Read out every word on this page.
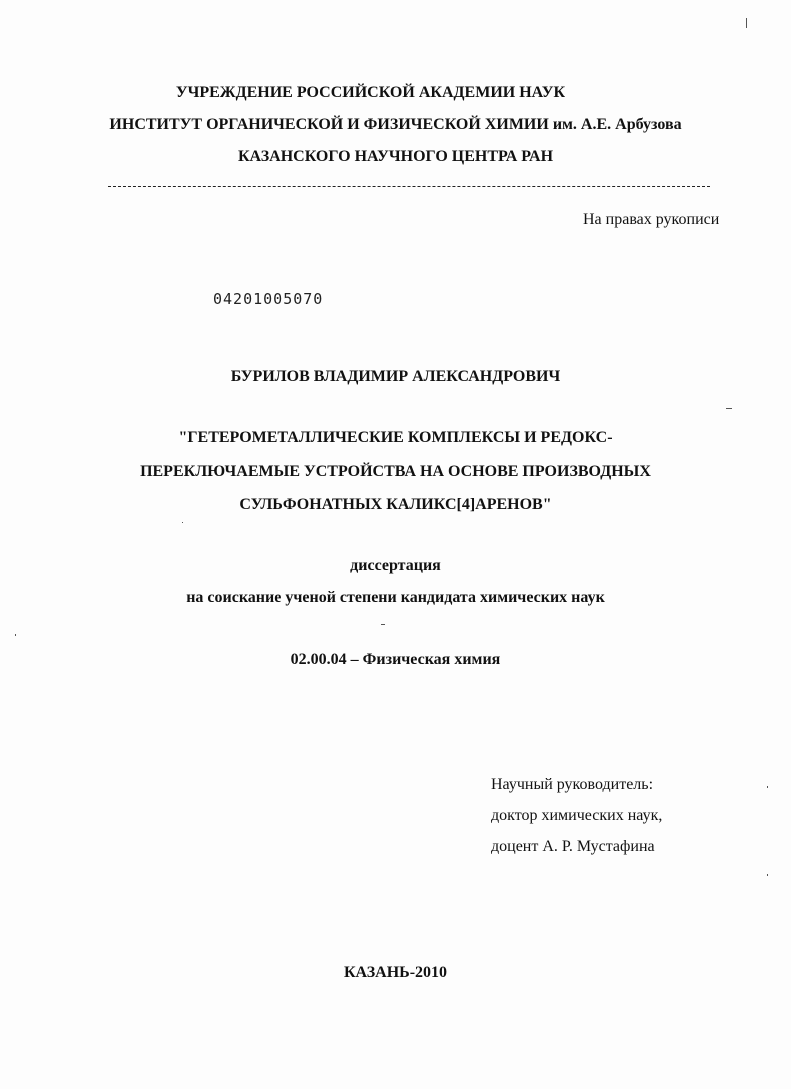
УЧРЕЖДЕНИЕ РОССИЙСКОЙ АКАДЕМИИ НАУК
ИНСТИТУТ ОРГАНИЧЕСКОЙ И ФИЗИЧЕСКОЙ ХИМИИ им. А.Е. Арбузова
КАЗАНСКОГО НАУЧНОГО ЦЕНТРА РАН
На правах рукописи
04201005070
БУРИЛОВ ВЛАДИМИР АЛЕКСАНДРОВИЧ
"ГЕТЕРОМЕТАЛЛИЧЕСКИЕ КОМПЛЕКСЫ И РЕДОКС-
ПЕРЕКЛЮЧАЕМЫЕ УСТРОЙСТВА НА ОСНОВЕ ПРОИЗВОДНЫХ
СУЛЬФОНАТНЫХ КАЛИКС[4]АРЕНОВ"
диссертация
на соискание ученой степени кандидата химических наук
02.00.04 – Физическая химия
Научный руководитель:
доктор химических наук,
доцент А. Р. Мустафина
КАЗАНЬ-2010
